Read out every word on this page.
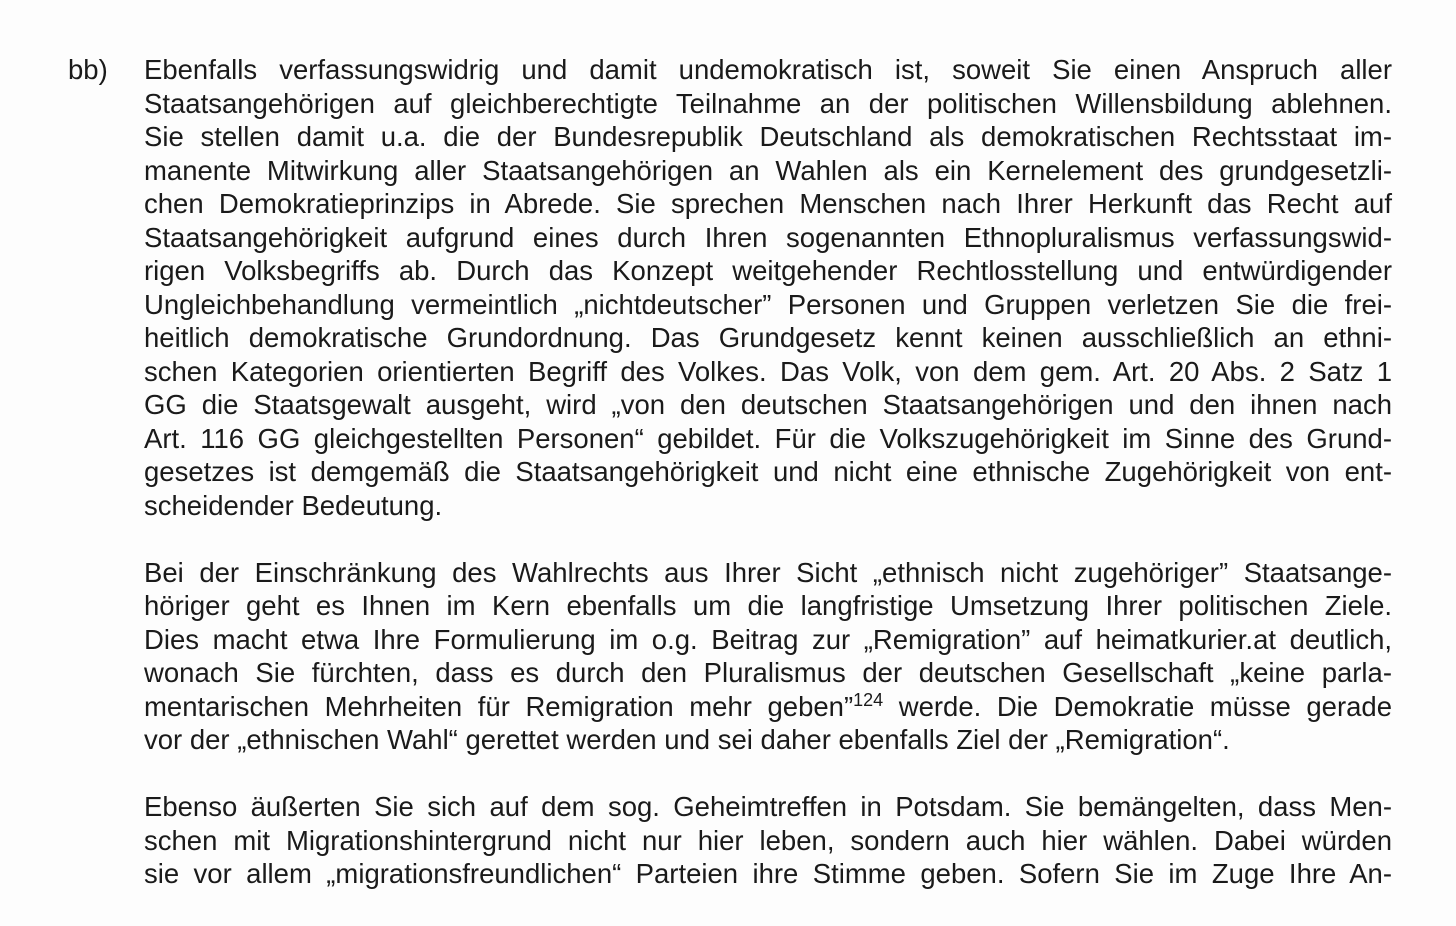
bb) Ebenfalls verfassungswidrig und damit undemokratisch ist, soweit Sie einen Anspruch aller
Staatsangehörigen auf gleichberechtigte Teilnahme an der politischen Willensbildung ablehnen.
Sie stellen damit u.a. die der Bundesrepublik Deutschland als demokratischen Rechtsstaat im-
manente Mitwirkung aller Staatsangehörigen an Wahlen als ein Kernelement des grundgesetzli-
chen Demokratieprinzips in Abrede. Sie sprechen Menschen nach Ihrer Herkunft das Recht auf
Staatsangehörigkeit aufgrund eines durch Ihren sogenannten Ethnopluralismus verfassungswid-
rigen Volksbegriffs ab. Durch das Konzept weitgehender Rechtlosstellung und entwürdigender
Ungleichbehandlung vermeintlich „nichtdeutscher” Personen und Gruppen verletzen Sie die frei-
heitlich demokratische Grundordnung. Das Grundgesetz kennt keinen ausschließlich an ethni-
schen Kategorien orientierten Begriff des Volkes. Das Volk, von dem gem. Art. 20 Abs. 2 Satz 1
GG die Staatsgewalt ausgeht, wird „von den deutschen Staatsangehörigen und den ihnen nach
Art. 116 GG gleichgestellten Personen“ gebildet. Für die Volkszugehörigkeit im Sinne des Grund-
gesetzes ist demgemäß die Staatsangehörigkeit und nicht eine ethnische Zugehörigkeit von ent-
scheidender Bedeutung.
Bei der Einschränkung des Wahlrechts aus Ihrer Sicht „ethnisch nicht zugehöriger” Staatsange-
höriger geht es Ihnen im Kern ebenfalls um die langfristige Umsetzung Ihrer politischen Ziele.
Dies macht etwa Ihre Formulierung im o.g. Beitrag zur „Remigration” auf heimatkurier.at deutlich,
wonach Sie fürchten, dass es durch den Pluralismus der deutschen Gesellschaft „keine parla-
mentarischen Mehrheiten für Remigration mehr geben”$^{124}$ werde. Die Demokratie müsse gerade
vor der „ethnischen Wahl“ gerettet werden und sei daher ebenfalls Ziel der „Remigration“.
Ebenso äußerten Sie sich auf dem sog. Geheimtreffen in Potsdam. Sie bemängelten, dass Men-
schen mit Migrationshintergrund nicht nur hier leben, sondern auch hier wählen. Dabei würden
sie vor allem „migrationsfreundlichen“ Parteien ihre Stimme geben. Sofern Sie im Zuge Ihre An-
